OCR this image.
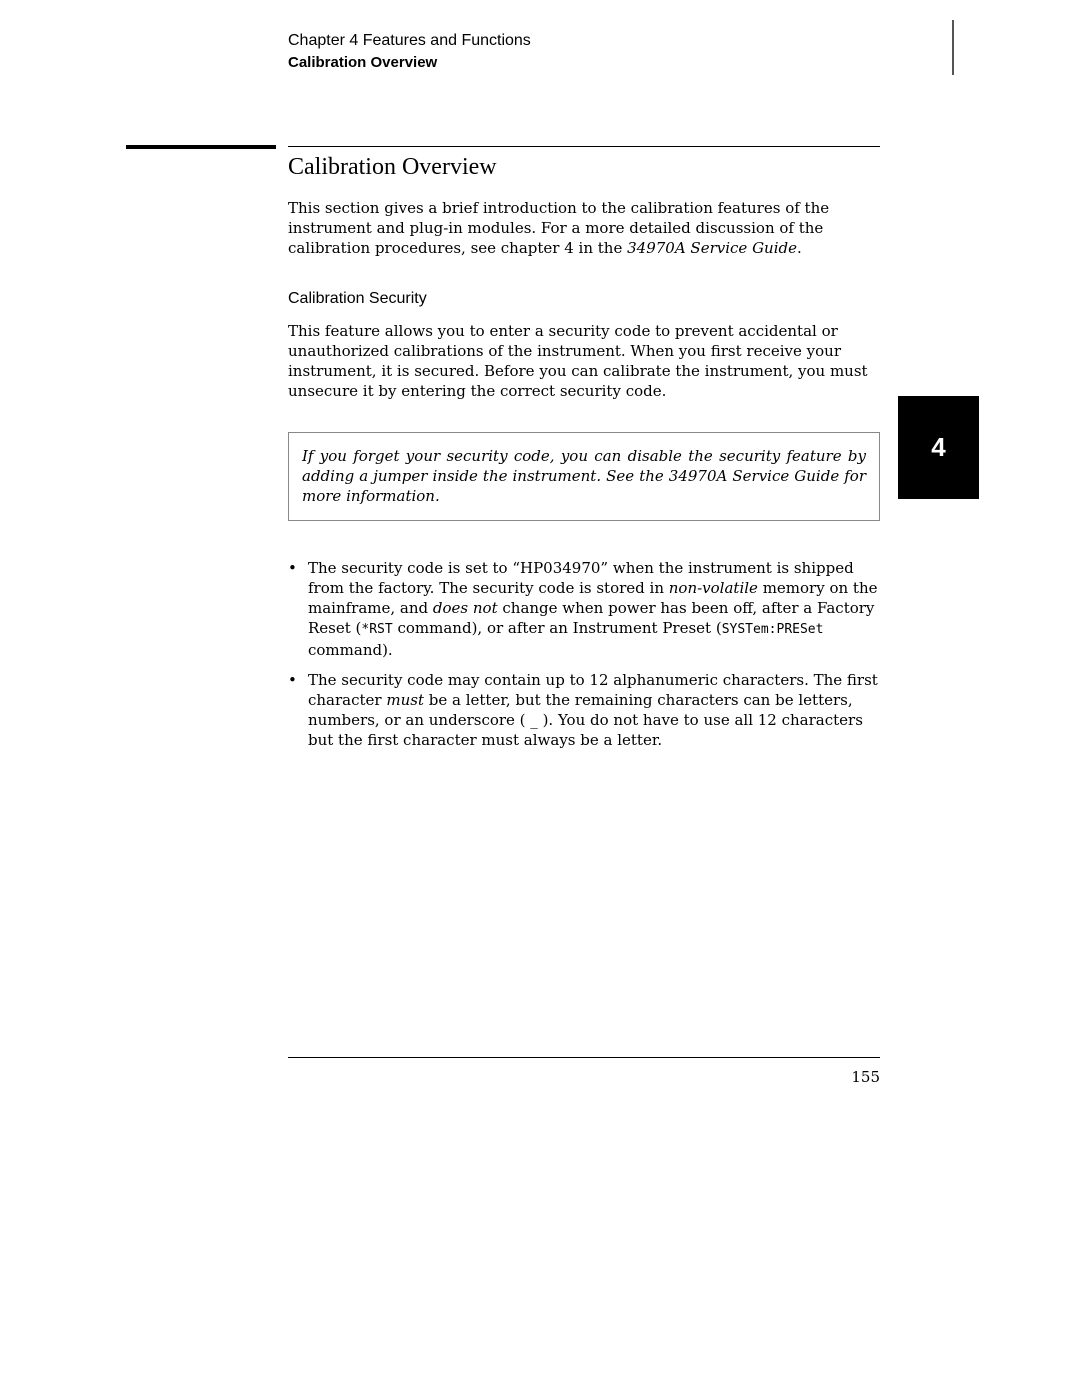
Chapter 4 Features and Functions
Calibration Overview
Calibration Overview

This section gives a brief introduction to the calibration features of the instrument and plug-in modules. For a more detailed discussion of the calibration procedures, see chapter 4 in the 34970A Service Guide.

Calibration Security

This feature allows you to enter a security code to prevent accidental or unauthorized calibrations of the instrument. When you first receive your instrument, it is secured. Before you can calibrate the instrument, you must unsecure it by entering the correct security code.

If you forget your security code, you can disable the security feature by adding a jumper inside the instrument. See the 34970A Service Guide for more information.
4
• The security code is set to “HP034970” when the instrument is shipped from the factory. The security code is stored in non-volatile memory on the mainframe, and does not change when power has been off, after a Factory Reset (*RST command), or after an Instrument Preset (SYSTem:PRESet command).
• The security code may contain up to 12 alphanumeric characters. The first character must be a letter, but the remaining characters can be letters, numbers, or an underscore ( _ ). You do not have to use all 12 characters but the first character must always be a letter.
155
